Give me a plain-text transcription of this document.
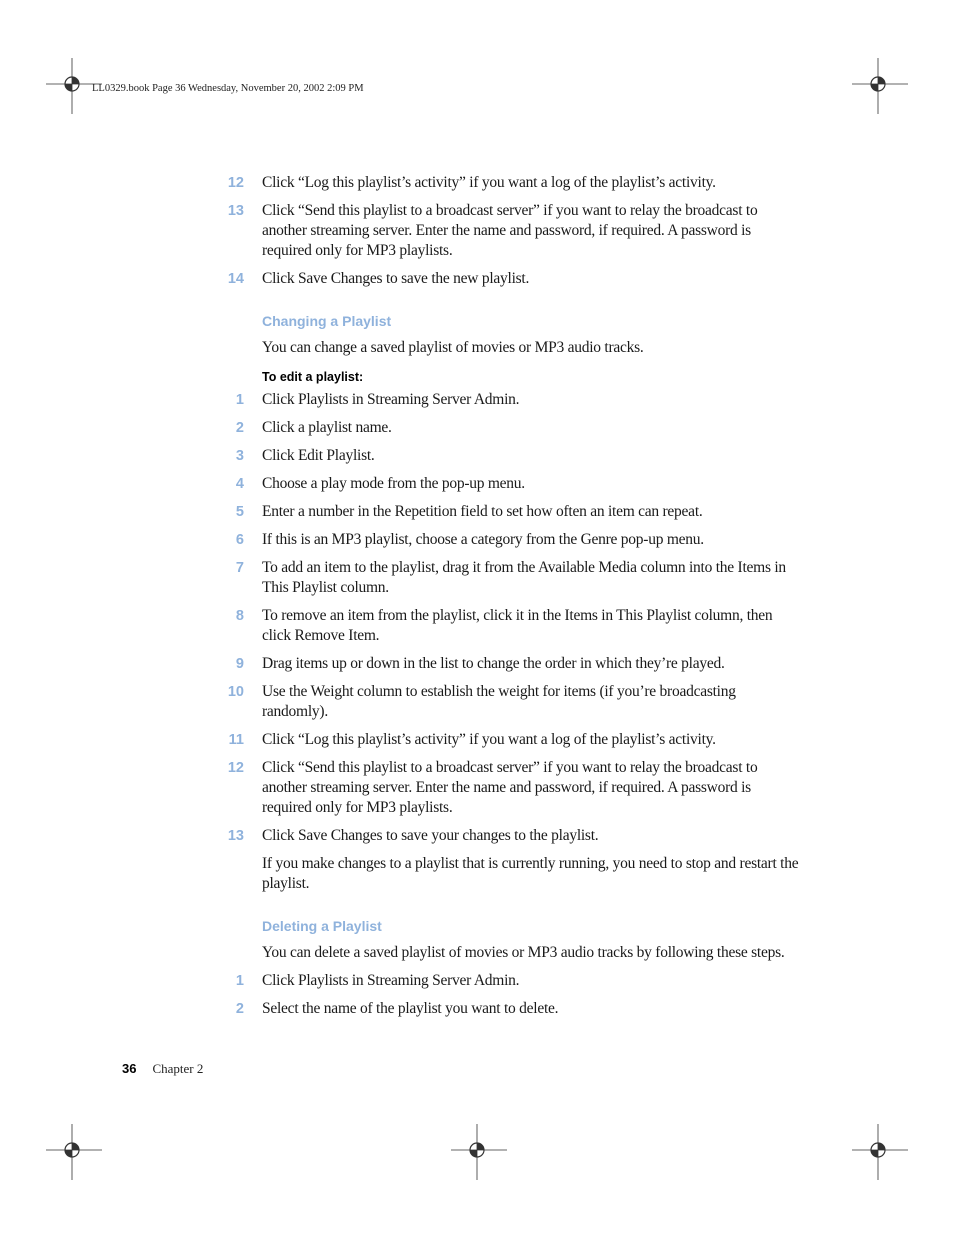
LL0329.book Page 36 Wednesday, November 20, 2002 2:09 PM
12 Click “Log this playlist’s activity” if you want a log of the playlist’s activity.
13 Click “Send this playlist to a broadcast server” if you want to relay the broadcast to another streaming server. Enter the name and password, if required. A password is required only for MP3 playlists.
14 Click Save Changes to save the new playlist.
Changing a Playlist
You can change a saved playlist of movies or MP3 audio tracks.
To edit a playlist:
1 Click Playlists in Streaming Server Admin.
2 Click a playlist name.
3 Click Edit Playlist.
4 Choose a play mode from the pop-up menu.
5 Enter a number in the Repetition field to set how often an item can repeat.
6 If this is an MP3 playlist, choose a category from the Genre pop-up menu.
7 To add an item to the playlist, drag it from the Available Media column into the Items in This Playlist column.
8 To remove an item from the playlist, click it in the Items in This Playlist column, then click Remove Item.
9 Drag items up or down in the list to change the order in which they’re played.
10 Use the Weight column to establish the weight for items (if you’re broadcasting randomly).
11 Click “Log this playlist’s activity” if you want a log of the playlist’s activity.
12 Click “Send this playlist to a broadcast server” if you want to relay the broadcast to another streaming server. Enter the name and password, if required. A password is required only for MP3 playlists.
13 Click Save Changes to save your changes to the playlist.
If you make changes to a playlist that is currently running, you need to stop and restart the playlist.
Deleting a Playlist
You can delete a saved playlist of movies or MP3 audio tracks by following these steps.
1 Click Playlists in Streaming Server Admin.
2 Select the name of the playlist you want to delete.
36 Chapter 2
